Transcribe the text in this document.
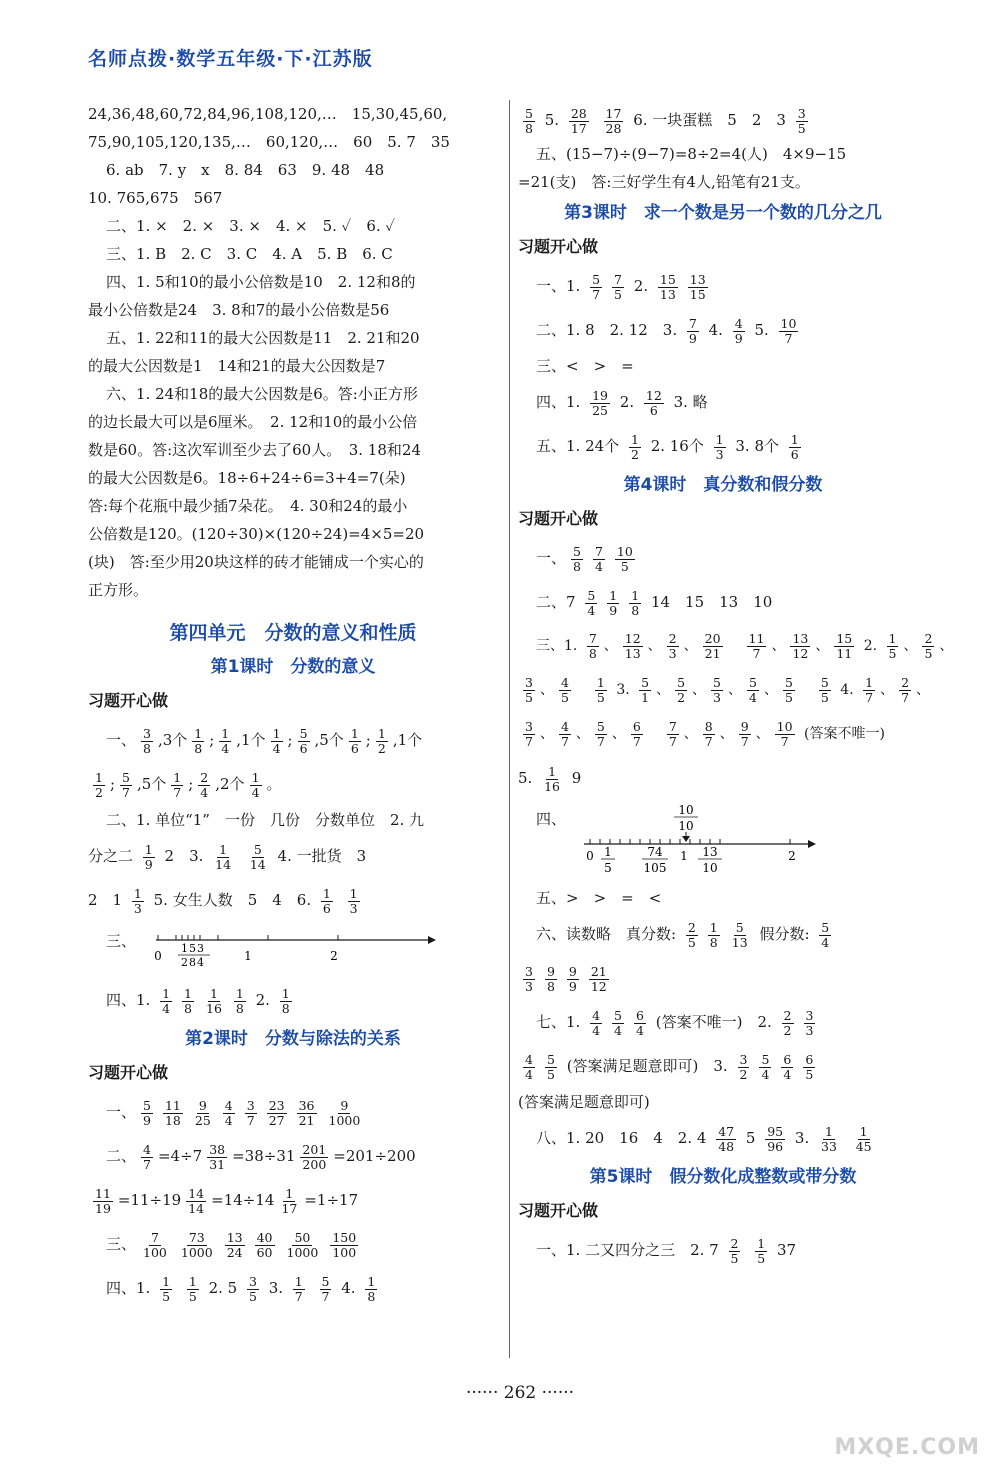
名师点拨·数学五年级·下·江苏版
24,36,48,60,72,84,96,108,120,…　15,30,45,60,
75,90,105,120,135,…　60,120,…　60　5. 7　35
6. ab　7. y　x　8. 84　63　9. 48　48
10. 765,675　567
二、1. ×　2. ×　3. ×　4. ×　5. ✓　6. ✓
三、1. B　2. C　3. C　4. A　5. B　6. C
四、1. 5和10的最小公倍数是10　2. 12和8的
最小公倍数是24　3. 8和7的最小公倍数是56
五、1. 22和11的最大公因数是11　2. 21和20
的最大公因数是1　14和21的最大公因数是7
六、1. 24和18的最大公因数是6。答:小正方形
的边长最大可以是6厘米。　2. 12和10的最小公倍
数是60。答:这次军训至少去了60人。　3. 18和24
的最大公因数是6。18÷6+24÷6=3+4=7(朵)
答:每个花瓶中最少插7朵花。　4. 30和24的最小
公倍数是120。(120÷30)×(120÷24)=4×5=20
(块)　答:至少用20块这样的砖才能铺成一个实心的
正方形。
第四单元　分数的意义和性质
第1课时　分数的意义
习题开心做
一、 $\frac{3}{8} ,3$个 $\frac{1}{8}$ ; $\frac{1}{4} ,1$个 $\frac{1}{4}$ ; $\frac{5}{6} ,5$个 $\frac{1}{6}$ ; $\frac{1}{2} ,1$个
$\frac{1}{2}$ ; $\frac{5}{7} ,5$个 $\frac{1}{7}$ ; $\frac{2}{4} ,2$个 $\frac{1}{4}$ 。
二、1. 单位“1”　一份　几份　分数单位　2. 九
分之二 $\frac{1}{9} 2$　3. $\frac{1}{14}$
$\frac{5}{14} 4$. 一批货　3
2　$1 \frac{1}{3} 5$. 女生人数　5　4　6. $\frac{1}{6}$
$\frac{1}{3}$
三、
0
153
284	1	2
四、1. $\frac{1}{4} \frac{1}{8} \frac{1}{16} \frac{1}{8} 2$. $\frac{1}{8}$
第2课时　分数与除法的关系
习题开心做
一、 $\frac{5}{9} \frac{11}{18} \frac{9}{25} \frac{4}{4} \frac{3}{7} \frac{23}{27} \frac{36}{21} \frac{9}{1000}$
二、 $\frac{4}{7} =4\div 7 \frac{38}{31} =38\div 31 \frac{201}{200} =201\div 200$
$\frac{11}{19} =11\div 19 \frac{14}{14} =14\div 14 \frac{1}{17} =1\div 17$
三、 $\frac{7}{100} \frac{73}{1000} \frac{13}{24} \frac{40}{60} \frac{50}{1000} \frac{150}{100}$
四、1. $\frac{1}{5}$
$\frac{1}{5} 2$. $5 \frac{3}{5} 3$. $\frac{1}{7}$
$\frac{5}{7} 4$. $\frac{1}{8}$
$\frac{5}{8} 5$. $\frac{28}{17}$
$\frac{17}{28} 6$. 一块蛋糕　5　2　$3 \frac{3}{5}$
五、(15−7)÷(9−7)=8÷2=4(人)　4×9−15
=21(支)　答:三好学生有4人,铅笔有21支。
第3课时　求一个数是另一个数的几分之几
习题开心做
一、1. $\frac{5}{7} \frac{7}{5} 2$. $\frac{15}{13} \frac{13}{15}$
二、1. 8　2. 12　3. $\frac{7}{9} 4$. $\frac{4}{9} 5$. $\frac{10}{7}$
三、<　>　=
四、1. $\frac{19}{25} 2$. $\frac{12}{6} 3$. 略
五、1. 24个 $\frac{1}{2} 2$. 16个 $\frac{1}{3} 3$. 8个 $\frac{1}{6}$
第4课时　真分数和假分数
习题开心做
一、 $\frac{5}{8} \frac{7}{4} \frac{10}{5}$
二、$7 \frac{5}{4} \frac{1}{9} \frac{1}{8} 14$　15　13　10
三、1. $\frac{7}{8}$ 、 $\frac{12}{13}$ 、 $\frac{2}{3}$ 、 $\frac{20}{21}$
　 $\frac{11}{7}$ 、 $\frac{13}{12}$ 、 $\frac{15}{11} 2$. $\frac{1}{5}$ 、 $\frac{2}{5}$ 、
$\frac{3}{5}$ 、 $\frac{4}{5}$
　 $\frac{1}{5} 3$. $\frac{5}{1}$ 、 $\frac{5}{2}$ 、 $\frac{5}{3}$ 、 $\frac{5}{4}$ 、 $\frac{5}{5}$
　 $\frac{5}{5} 4$. $\frac{1}{7}$ 、 $\frac{2}{7}$ 、
$\frac{3}{7}$ 、 $\frac{4}{7}$ 、 $\frac{5}{7}$ 、 $\frac{6}{7}$
　 $\frac{7}{7}$ 、 $\frac{8}{7}$ 、 $\frac{9}{7}$ 、 $\frac{10}{7}$ (答案不唯一)
5. $\frac{1}{16} 9$
四、	10
10
0 1
5
74
105
1 13
10
2
五、>　>　=　<
六、读数略　真分数: $\frac{2}{5} \frac{1}{8} \frac{5}{13}$ 假分数: $\frac{5}{4}$
$\frac{3}{3} \frac{9}{8} \frac{9}{9} \frac{21}{12}$
七、1. $\frac{4}{4} \frac{5}{4} \frac{6}{4}$ (答案不唯一)　2. $\frac{2}{2} \frac{3}{3}$
$\frac{4}{4} \frac{5}{5}$ (答案满足题意即可)　3. $\frac{3}{2} \frac{5}{4} \frac{6}{4} \frac{6}{5}$
(答案满足题意即可)
八、1. 20　16　4　2. $4 \frac{47}{48} 5 \frac{95}{96} 3$. $\frac{1}{33}$
$\frac{1}{45}$
第5课时　假分数化成整数或带分数
习题开心做
一、1. 二又四分之三　2. $7 \frac{2}{5}$
$\frac{1}{5} 37$
······ 262 ······
MXQE.COM
